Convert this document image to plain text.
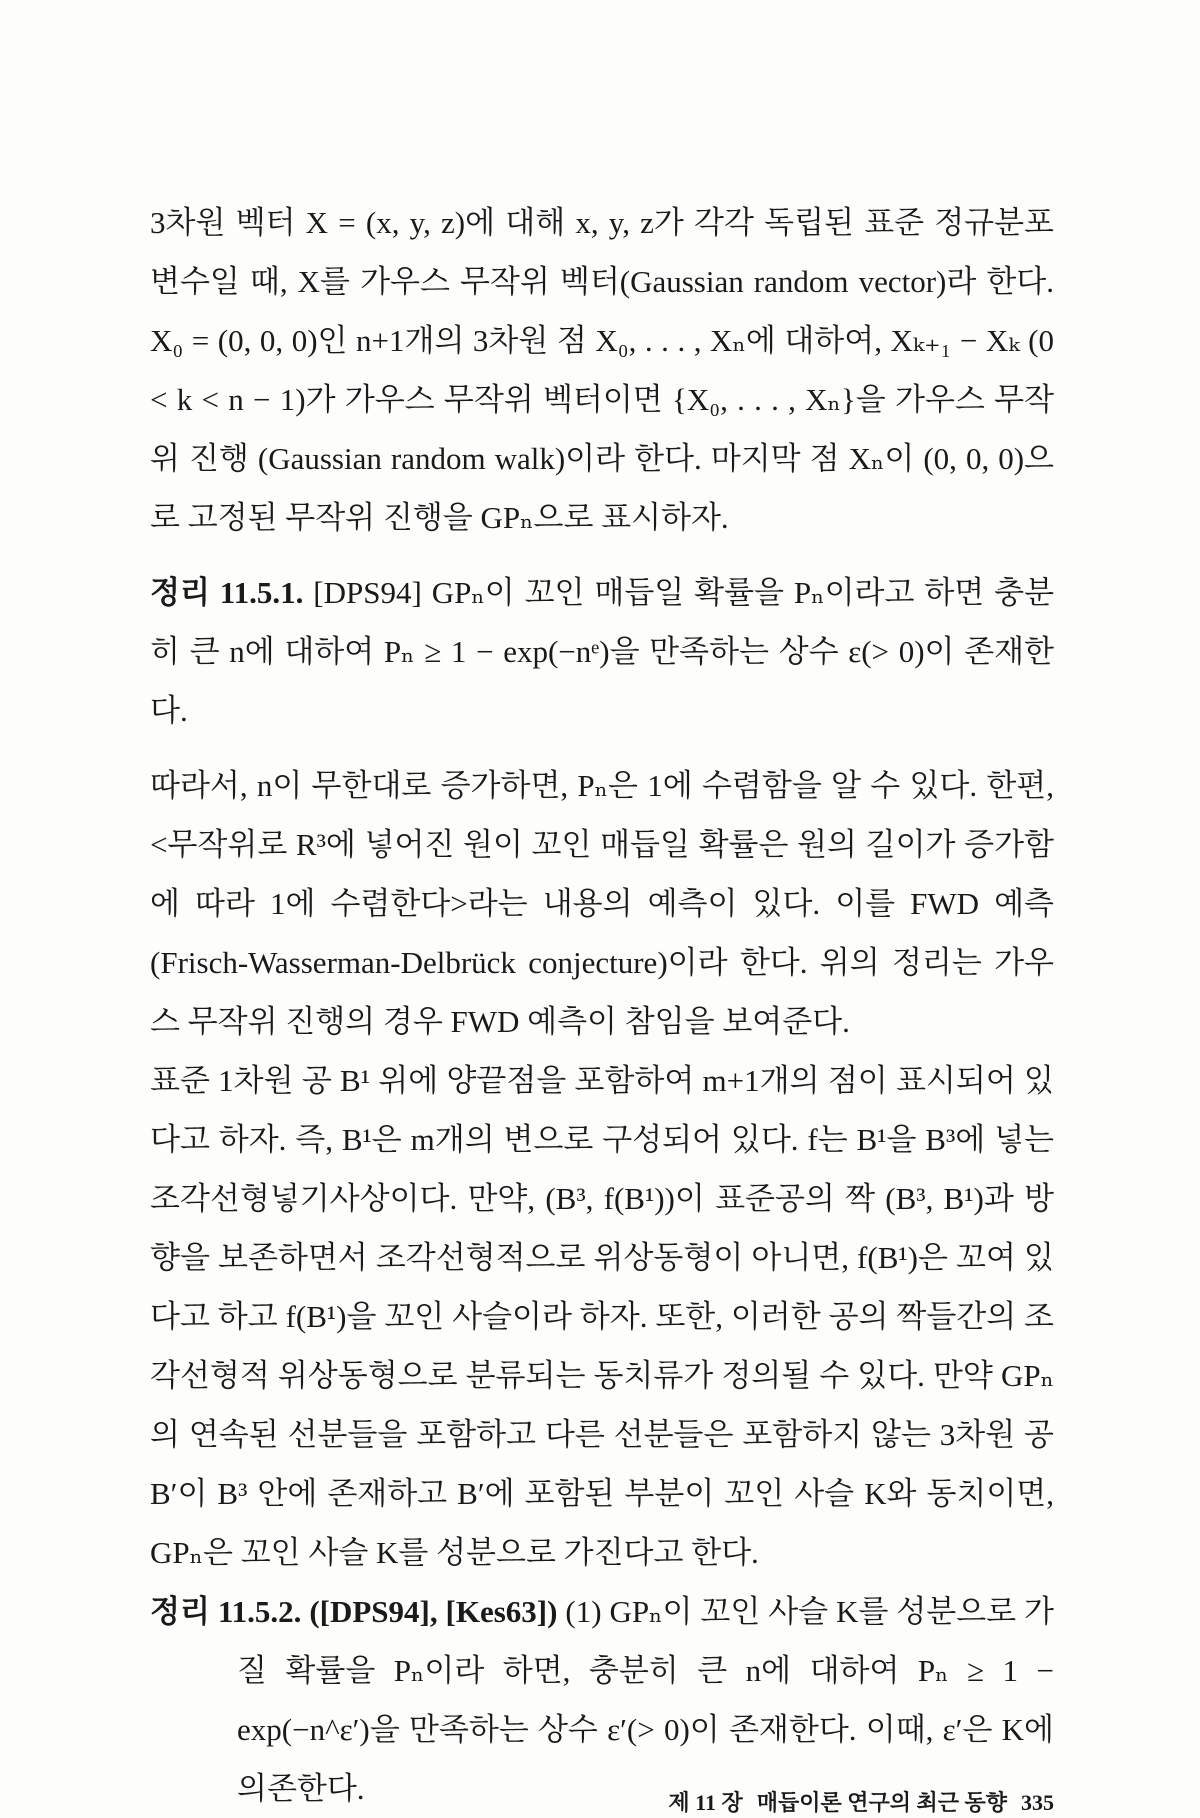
3차원 벡터 X = (x, y, z)에 대해 x, y, z가 각각 독립된 표준 정규분포 변수일 때, X를 가우스 무작위 벡터(Gaussian random vector)라 한다. X₀ = (0, 0, 0)인 n+1개의 3차원 점 X₀, . . . , Xₙ에 대하여, Xₖ₊₁ − Xₖ (0 < k < n − 1)가 가우스 무작위 벡터이면 {X₀, . . . , Xₙ}을 가우스 무작위 진행 (Gaussian random walk)이라 한다. 마지막 점 Xₙ이 (0, 0, 0)으로 고정된 무작위 진행을 GPₙ으로 표시하자.

정리 11.5.1. [DPS94] GPₙ이 꼬인 매듭일 확률을 Pₙ이라고 하면 충분히 큰 n에 대하여 Pₙ ≥ 1 − exp(−nᵉ)을 만족하는 상수 ε(> 0)이 존재한다.

따라서, n이 무한대로 증가하면, Pₙ은 1에 수렴함을 알 수 있다. 한편, <무작위로 R³에 넣어진 원이 꼬인 매듭일 확률은 원의 길이가 증가함에 따라 1에 수렴한다>라는 내용의 예측이 있다. 이를 FWD 예측(Frisch-Wasserman-Delbrück conjecture)이라 한다. 위의 정리는 가우스 무작위 진행의 경우 FWD 예측이 참임을 보여준다.

표준 1차원 공 B¹ 위에 양끝점을 포함하여 m+1개의 점이 표시되어 있다고 하자. 즉, B¹은 m개의 변으로 구성되어 있다. f는 B¹을 B³에 넣는 조각선형넣기사상이다. 만약, (B³, f(B¹))이 표준공의 짝 (B³, B¹)과 방향을 보존하면서 조각선형적으로 위상동형이 아니면, f(B¹)은 꼬여 있다고 하고 f(B¹)을 꼬인 사슬이라 하자. 또한, 이러한 공의 짝들간의 조각선형적 위상동형으로 분류되는 동치류가 정의될 수 있다. 만약 GPₙ의 연속된 선분들을 포함하고 다른 선분들은 포함하지 않는 3차원 공 B′이 B³ 안에 존재하고 B′에 포함된 부분이 꼬인 사슬 K와 동치이면, GPₙ은 꼬인 사슬 K를 성분으로 가진다고 한다.

정리 11.5.2. ([DPS94], [Kes63]) (1) GPₙ이 꼬인 사슬 K를 성분으로 가질 확률을 Pₙ이라 하면, 충분히 큰 n에 대하여 Pₙ ≥ 1 − exp(−n^ε′)을 만족하는 상수 ε′(> 0)이 존재한다. 이때, ε′은 K에 의존한다.	제 11 장 매듭이론 연구의 최근 동향 335
